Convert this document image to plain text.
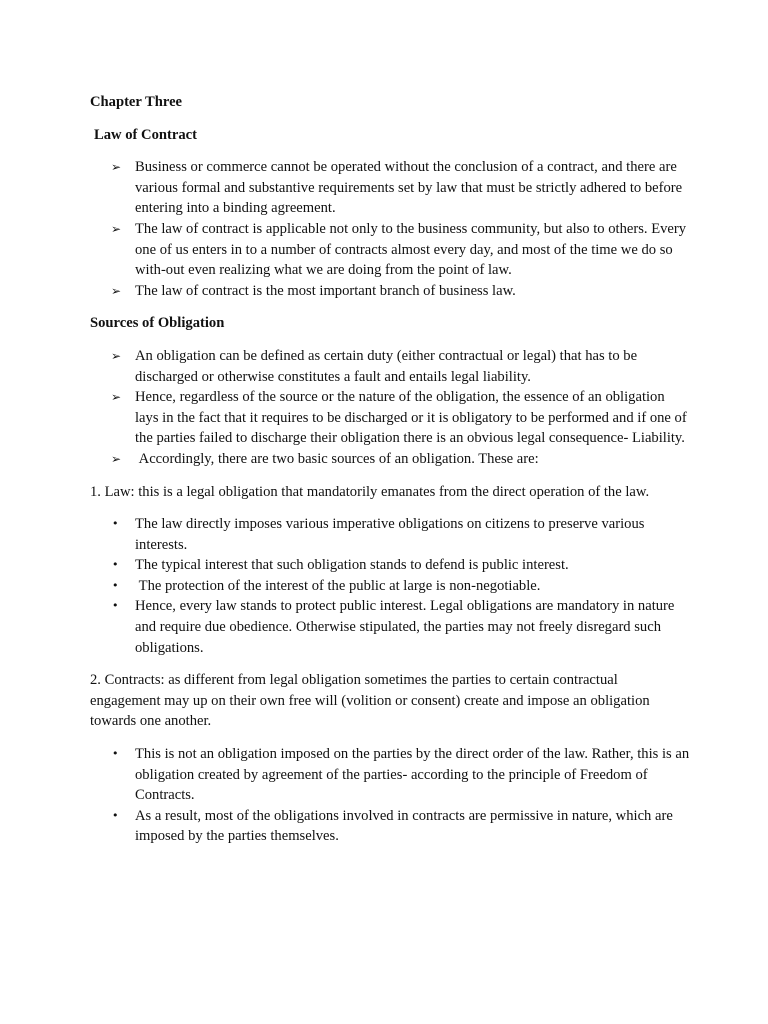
Chapter Three

Law of Contract

➢ Business or commerce cannot be operated without the conclusion of a contract, and there are various formal and substantive requirements set by law that must be strictly adhered to before entering into a binding agreement.
➢ The law of contract is applicable not only to the business community, but also to others. Every one of us enters in to a number of contracts almost every day, and most of the time we do so with-out even realizing what we are doing from the point of law.
➢ The law of contract is the most important branch of business law.

Sources of Obligation

➢ An obligation can be defined as certain duty (either contractual or legal) that has to be discharged or otherwise constitutes a fault and entails legal liability.
➢ Hence, regardless of the source or the nature of the obligation, the essence of an obligation lays in the fact that it requires to be discharged or it is obligatory to be performed and if one of the parties failed to discharge their obligation there is an obvious legal consequence- Liability.
➢ Accordingly, there are two basic sources of an obligation. These are:

1. Law: this is a legal obligation that mandatorily emanates from the direct operation of the law.

•	The law directly imposes various imperative obligations on citizens to preserve various interests.
•	The typical interest that such obligation stands to defend is public interest.
•	The protection of the interest of the public at large is non-negotiable.
•	Hence, every law stands to protect public interest. Legal obligations are mandatory in nature and require due obedience. Otherwise stipulated, the parties may not freely disregard such obligations.

2. Contracts: as different from legal obligation sometimes the parties to certain contractual engagement may up on their own free will (volition or consent) create and impose an obligation towards one another.

•	This is not an obligation imposed on the parties by the direct order of the law. Rather, this is an obligation created by agreement of the parties- according to the principle of Freedom of Contracts.
•	As a result, most of the obligations involved in contracts are permissive in nature, which are imposed by the parties themselves.
